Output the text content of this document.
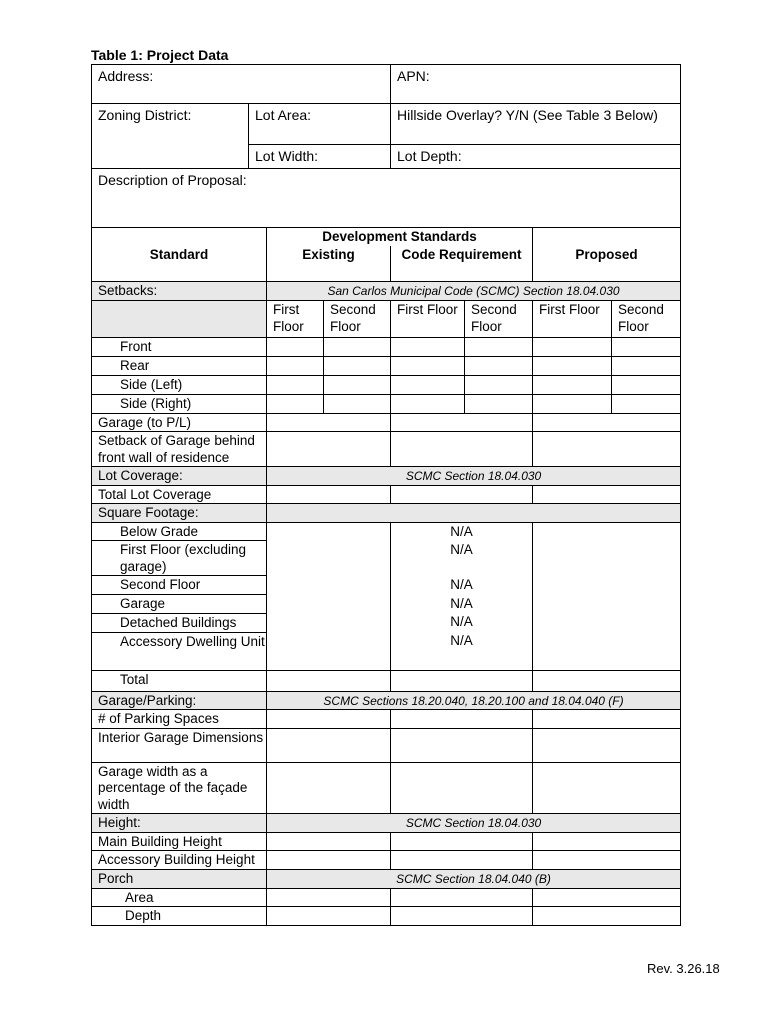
Table 1: Project Data
Address:		APN:
Zoning District:	Lot Area:	Hillside Overlay? Y/N (See Table 3 Below)
	Lot Width:	Lot Depth:
Description of Proposal:		
	Development Standards					
Standard	Existing		Code Requirement		Proposed	
Setbacks:	San Carlos Municipal Code (SCMC) Section 18.04.030					
	First Floor	Second Floor	First Floor	Second Floor	First Floor	Second Floor
Front						
Rear						
Side (Left)						
Side (Right)						
Garage (to P/L)						
Setback of Garage behind front wall of residence						
Lot Coverage:	SCMC Section 18.04.030					
Total Lot Coverage						
Square Footage:						
Below Grade			N/A			
First Floor (excluding garage)			N/A			
Second Floor			N/A			
Garage			N/A			
Detached Buildings			N/A			
Accessory Dwelling Unit			N/A			
Total						
Garage/Parking:	SCMC Sections 18.20.040, 18.20.100 and 18.04.040 (F)					
# of Parking Spaces						
Interior Garage Dimensions						
Garage width as a percentage of the façade width						
Height:	SCMC Section 18.04.030					
Main Building Height						
Accessory Building Height						
Porch	SCMC Section 18.04.040 (B)					
Area						
Depth						
Rev. 3.26.18
